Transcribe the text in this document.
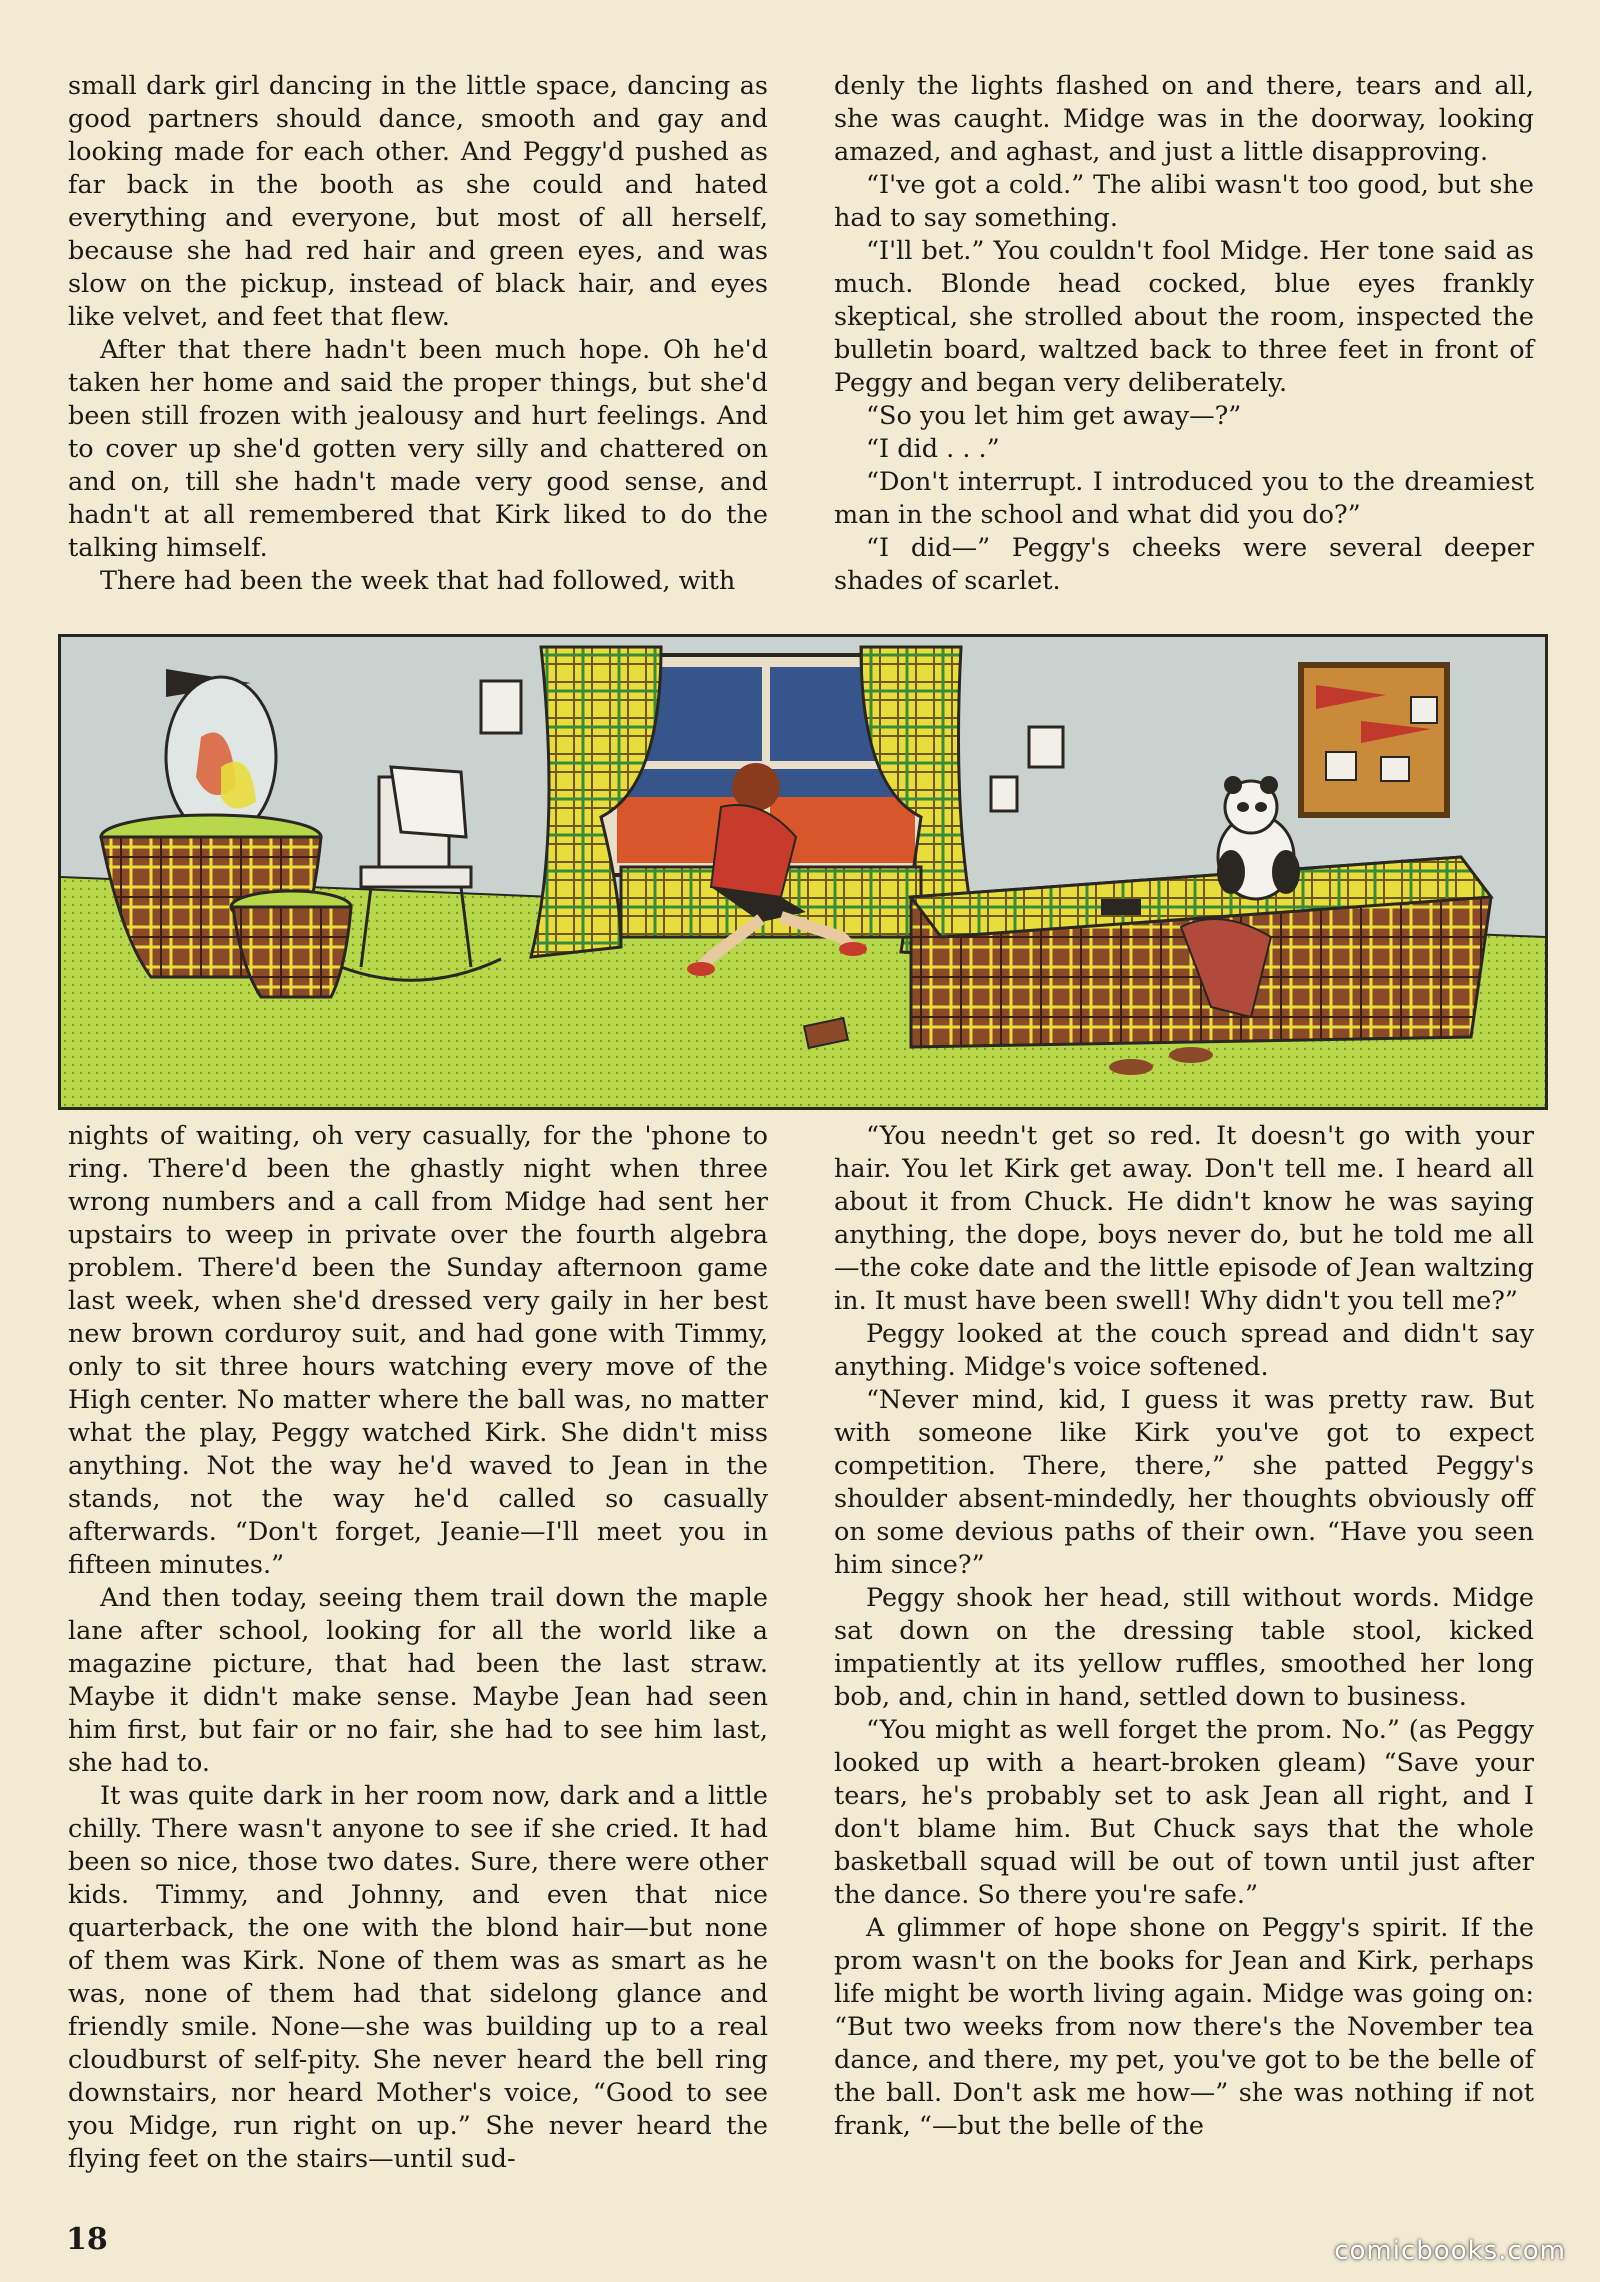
small dark girl dancing in the little space, dancing as good partners should dance, smooth and gay and looking made for each other. And Peggy'd pushed as far back in the booth as she could and hated everything and everyone, but most of all herself, because she had red hair and green eyes, and was slow on the pickup, instead of black hair, and eyes like velvet, and feet that flew.

After that there hadn't been much hope. Oh he'd taken her home and said the proper things, but she'd been still frozen with jealousy and hurt feelings. And to cover up she'd gotten very silly and chattered on and on, till she hadn't made very good sense, and hadn't at all remembered that Kirk liked to do the talking himself.

There had been the week that had followed, with

denly the lights flashed on and there, tears and all, she was caught. Midge was in the doorway, looking amazed, and aghast, and just a little disapproving.

“I've got a cold.” The alibi wasn't too good, but she had to say something.

“I'll bet.” You couldn't fool Midge. Her tone said as much. Blonde head cocked, blue eyes frankly skeptical, she strolled about the room, inspected the bulletin board, waltzed back to three feet in front of Peggy and began very deliberately.

“So you let him get away—?”

“I did . . .”

“Don't interrupt. I introduced you to the dreamiest man in the school and what did you do?”

“I did—” Peggy's cheeks were several deeper shades of scarlet.

nights of waiting, oh very casually, for the 'phone to ring. There'd been the ghastly night when three wrong numbers and a call from Midge had sent her upstairs to weep in private over the fourth algebra problem. There'd been the Sunday afternoon game last week, when she'd dressed very gaily in her best new brown corduroy suit, and had gone with Timmy, only to sit three hours watching every move of the High center. No matter where the ball was, no matter what the play, Peggy watched Kirk. She didn't miss anything. Not the way he'd waved to Jean in the stands, not the way he'd called so casually afterwards. “Don't forget, Jeanie—I'll meet you in fifteen minutes.”

And then today, seeing them trail down the maple lane after school, looking for all the world like a magazine picture, that had been the last straw. Maybe it didn't make sense. Maybe Jean had seen him first, but fair or no fair, she had to see him last, she had to.

It was quite dark in her room now, dark and a little chilly. There wasn't anyone to see if she cried. It had been so nice, those two dates. Sure, there were other kids. Timmy, and Johnny, and even that nice quarterback, the one with the blond hair—but none of them was Kirk. None of them was as smart as he was, none of them had that sidelong glance and friendly smile. None—she was building up to a real cloudburst of self-pity. She never heard the bell ring downstairs, nor heard Mother's voice, “Good to see you Midge, run right on up.” She never heard the flying feet on the stairs—until sud-

“You needn't get so red. It doesn't go with your hair. You let Kirk get away. Don't tell me. I heard all about it from Chuck. He didn't know he was saying anything, the dope, boys never do, but he told me all—the coke date and the little episode of Jean waltzing in. It must have been swell! Why didn't you tell me?”

Peggy looked at the couch spread and didn't say anything. Midge's voice softened.

“Never mind, kid, I guess it was pretty raw. But with someone like Kirk you've got to expect competition. There, there,” she patted Peggy's shoulder absent-mindedly, her thoughts obviously off on some devious paths of their own. “Have you seen him since?”

Peggy shook her head, still without words. Midge sat down on the dressing table stool, kicked impatiently at its yellow ruffles, smoothed her long bob, and, chin in hand, settled down to business.

“You might as well forget the prom. No.” (as Peggy looked up with a heart-broken gleam) “Save your tears, he's probably set to ask Jean all right, and I don't blame him. But Chuck says that the whole basketball squad will be out of town until just after the dance. So there you're safe.”

A glimmer of hope shone on Peggy's spirit. If the prom wasn't on the books for Jean and Kirk, perhaps life might be worth living again. Midge was going on: “But two weeks from now there's the November tea dance, and there, my pet, you've got to be the belle of the ball. Don't ask me how—” she was nothing if not frank, “—but the belle of the

18	comicbooks.com
